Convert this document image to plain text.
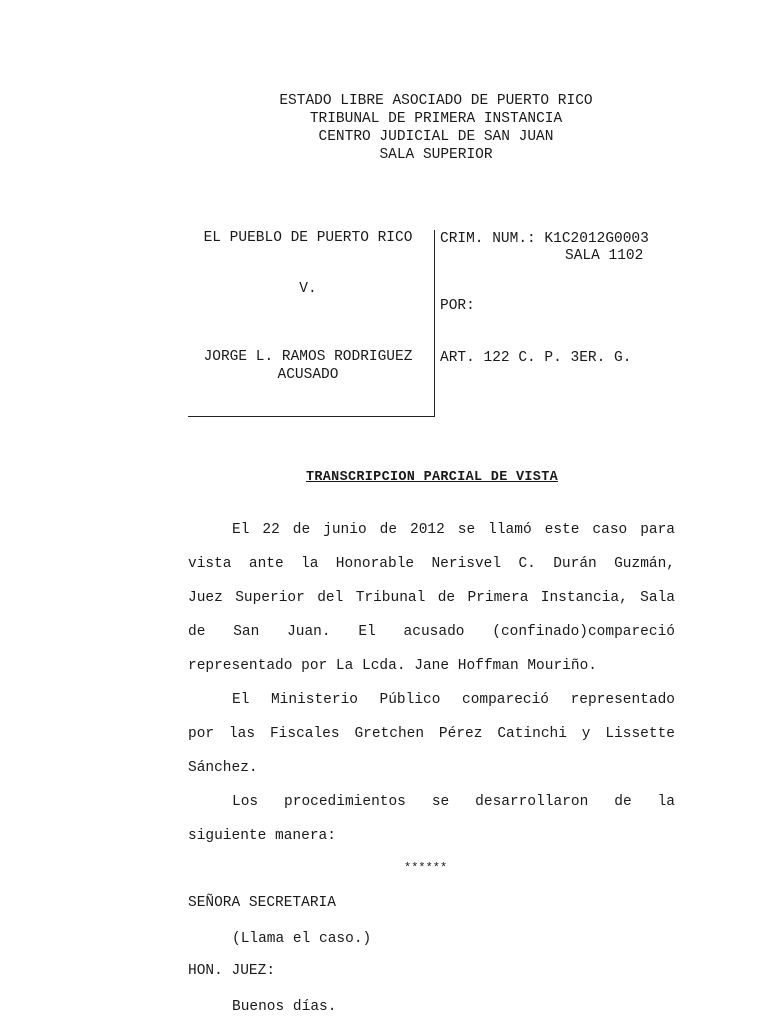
ESTADO LIBRE ASOCIADO DE PUERTO RICO
TRIBUNAL DE PRIMERA INSTANCIA
CENTRO JUDICIAL DE SAN JUAN
SALA SUPERIOR
EL PUEBLO DE PUERTO RICO
V.
JORGE L. RAMOS RODRIGUEZ
ACUSADO
CRIM. NUM.: K1C2012G0003
SALA 1102
POR:
ART. 122 C. P. 3ER. G.
TRANSCRIPCION PARCIAL DE VISTA
El 22 de junio de 2012 se llamó este caso para
vista ante la Honorable Nerisvel C. Durán Guzmán,
Juez Superior del Tribunal de Primera Instancia, Sala
de San Juan. El acusado (confinado)compareció
representado por La Lcda. Jane Hoffman Mouriño.
El Ministerio Público compareció representado
por las Fiscales Gretchen Pérez Catinchi y Lissette
Sánchez.
Los procedimientos se desarrollaron de la
siguiente manera:
******
SEÑORA SECRETARIA
(Llama el caso.)
HON. JUEZ:
Buenos días.
